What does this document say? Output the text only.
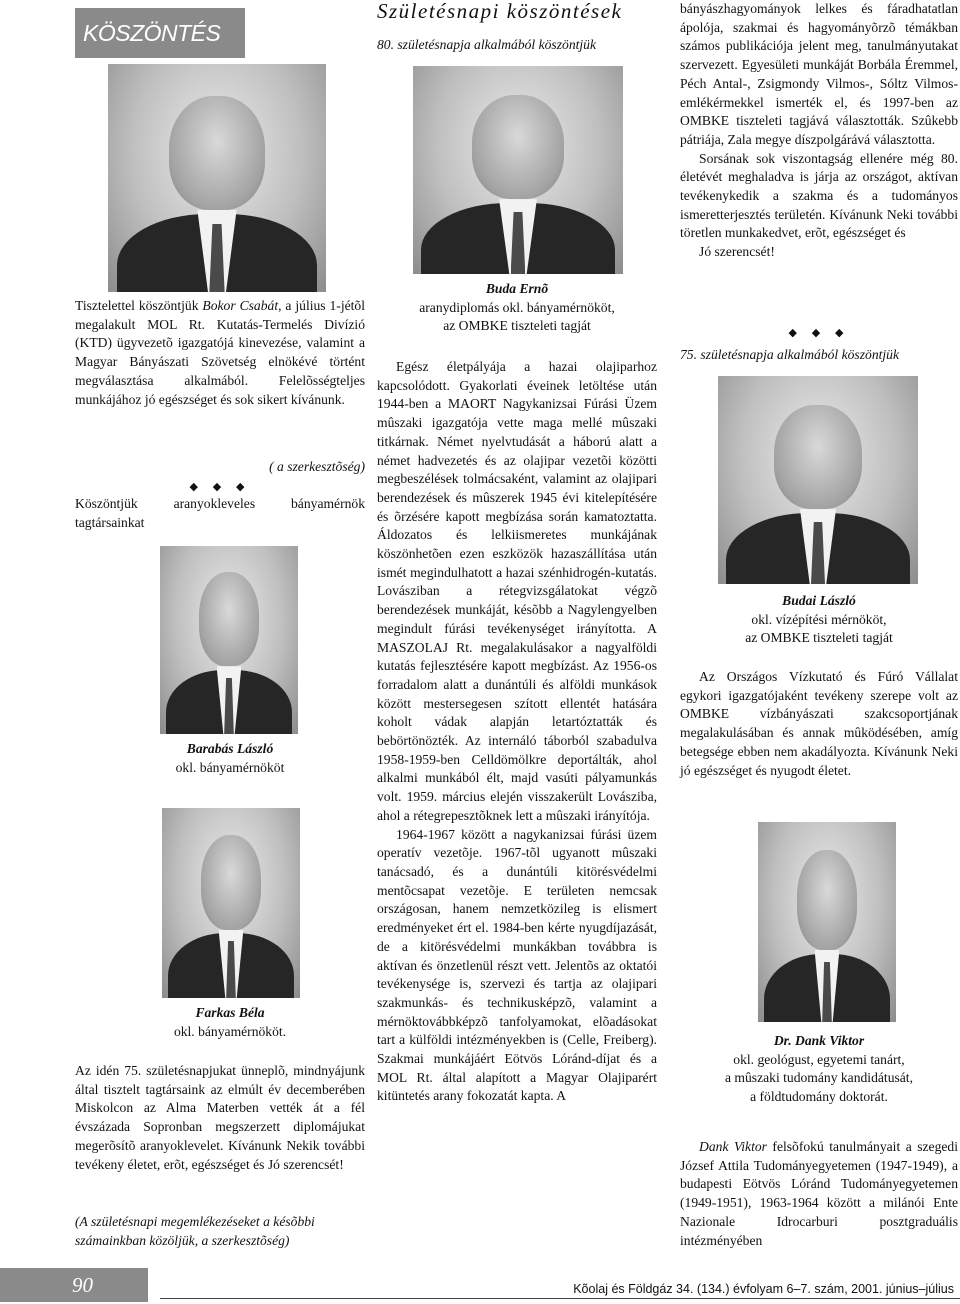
KÖSZÖNTÉS

Tisztelettel köszöntjük Bokor Csabát, a július 1-jétõl megalakult MOL Rt. Kutatás-Termelés Divízió (KTD) ügyvezetõ igazgatójá kinevezése, valamint a Magyar Bányászati Szövetség elnökévé történt megválasztása alkalmából. Felelõsségteljes munkájához jó egészséget és sok sikert kívánunk.

( a szerkesztõség)
◆ ◆ ◆
Köszöntjük aranyokleveles bányamérnök tagtársainkat
Barabás László
okl. bányamérnököt
Farkas Béla
okl. bányamérnököt.
Az idén 75. születésnapjukat ünneplõ, mindnyájunk által tisztelt tagtársaink az elmúlt év decemberében Miskolcon az Alma Materben vették át a fél évszázada Sopronban megszerzett diplomájukat megerõsítõ aranyoklevelet. Kívánunk Nekik további tevékeny életet, erõt, egészséget és Jó szerencsét!
(A születésnapi megemlékezéseket a késõbbi számainkban közöljük, a szerkesztõség)
Születésnapi köszöntések
80. születésnapja alkalmából köszöntjük
Buda Ernõ
aranydiplomás okl. bányamérnököt,
az OMBKE tiszteleti tagját

Egész életpályája a hazai olajiparhoz kapcsolódott. Gyakorlati éveinek letöltése után 1944-ben a MAORT Nagykanizsai Fúrási Üzem mûszaki igazgatója vette maga mellé mûszaki titkárnak. Német nyelvtudását a háború alatt a német hadvezetés és az olajipar vezetõi közötti megbeszélések tolmácsaként, valamint az olajipari berendezések és mûszerek 1945 évi kitelepítésére és õrzésére kapott megbízása során kamatoztatta. Áldozatos és lelkiismeretes munkájának köszönhetõen ezen eszközök hazaszállítása után ismét megindulhatott a hazai szénhidrogén-kutatás. Lovásziban a rétegvizsgálatokat végzõ berendezések munkáját, késõbb a Nagylengyelben megindult fúrási tevékenységet irányította. A MASZOLAJ Rt. megalakulásakor a nagyalföldi kutatás fejlesztésére kapott megbízást. Az 1956-os forradalom alatt a dunántúli és alföldi munkások között mestersegesen szított ellentét hatására koholt vádak alapján letartóztatták és bebörtönözték. Az internáló táborból szabadulva 1958-1959-ben Celldömölkre deportálták, ahol alkalmi munkából élt, majd vasúti pályamunkás volt. 1959. március elején visszakerült Lovásziba, ahol a rétegrepesztõknek lett a mûszaki irányítója.

1964-1967 között a nagykanizsai fúrási üzem operatív vezetõje. 1967-tõl ugyanott mûszaki tanácsadó, és a dunántúli kitörésvédelmi mentõcsapat vezetõje. E területen nemcsak országosan, hanem nemzetközileg is elismert eredményeket ért el. 1984-ben kérte nyugdíjazását, de a kitörésvédelmi munkákban továbbra is aktívan és önzetlenül részt vett. Jelentõs az oktatói tevékenysége is, szervezi és tartja az olajipari szakmunkás- és technikusképzõ, valamint a mérnöktovábbképzõ tanfolyamokat, elõadásokat tart a külföldi intézményekben is (Celle, Freiberg). Szakmai munkájáért Eötvös Lóránd-díjat és a MOL Rt. által alapított a Magyar Olajiparért kitüntetés arany fokozatát kapta. A

bányászhagyományok lelkes és fáradhatatlan ápolója, szakmai és hagyományõrzõ témákban számos publikációja jelent meg, tanulmányutakat szervezett. Egyesületi munkáját Borbála Éremmel, Péch Antal-, Zsigmondy Vilmos-, Sóltz Vilmos-emlékérmekkel ismerték el, és 1997-ben az OMBKE tiszteleti tagjává választották. Szûkebb pátriája, Zala megye díszpolgárává választotta.

Sorsának sok viszontagság ellenére még 80. életévét meghaladva is járja az országot, aktívan tevékenykedik a szakma és a tudományos ismeretterjesztés területén. Kívánunk Neki további töretlen munkakedvet, erõt, egészséget és

Jó szerencsét!

◆ ◆ ◆
75. születésnapja alkalmából köszöntjük
Budai László
okl. vízépítési mérnököt,
az OMBKE tiszteleti tagját

Az Országos Vízkutató és Fúró Vállalat egykori igazgatójaként tevékeny szerepe volt az OMBKE vízbányászati szakcsoportjának megalakulásában és annak mûködésében, amíg betegsége ebben nem akadályozta. Kívánunk Neki jó egészséget és nyugodt életet.

Dr. Dank Viktor
okl. geológust, egyetemi tanárt,
a mûszaki tudomány kandidátusát,
a földtudomány doktorát.

Dank Viktor felsõfokú tanulmányait a szegedi József Attila Tudományegyetemen (1947-1949), a budapesti Eötvös Lóránd Tudományegyetemen (1949-1951), 1963-1964 között a milánói Ente Nazionale Idrocarburi posztgraduális intézményében

90	Kõolaj és Földgáz 34. (134.) évfolyam 6–7. szám, 2001. június–július
